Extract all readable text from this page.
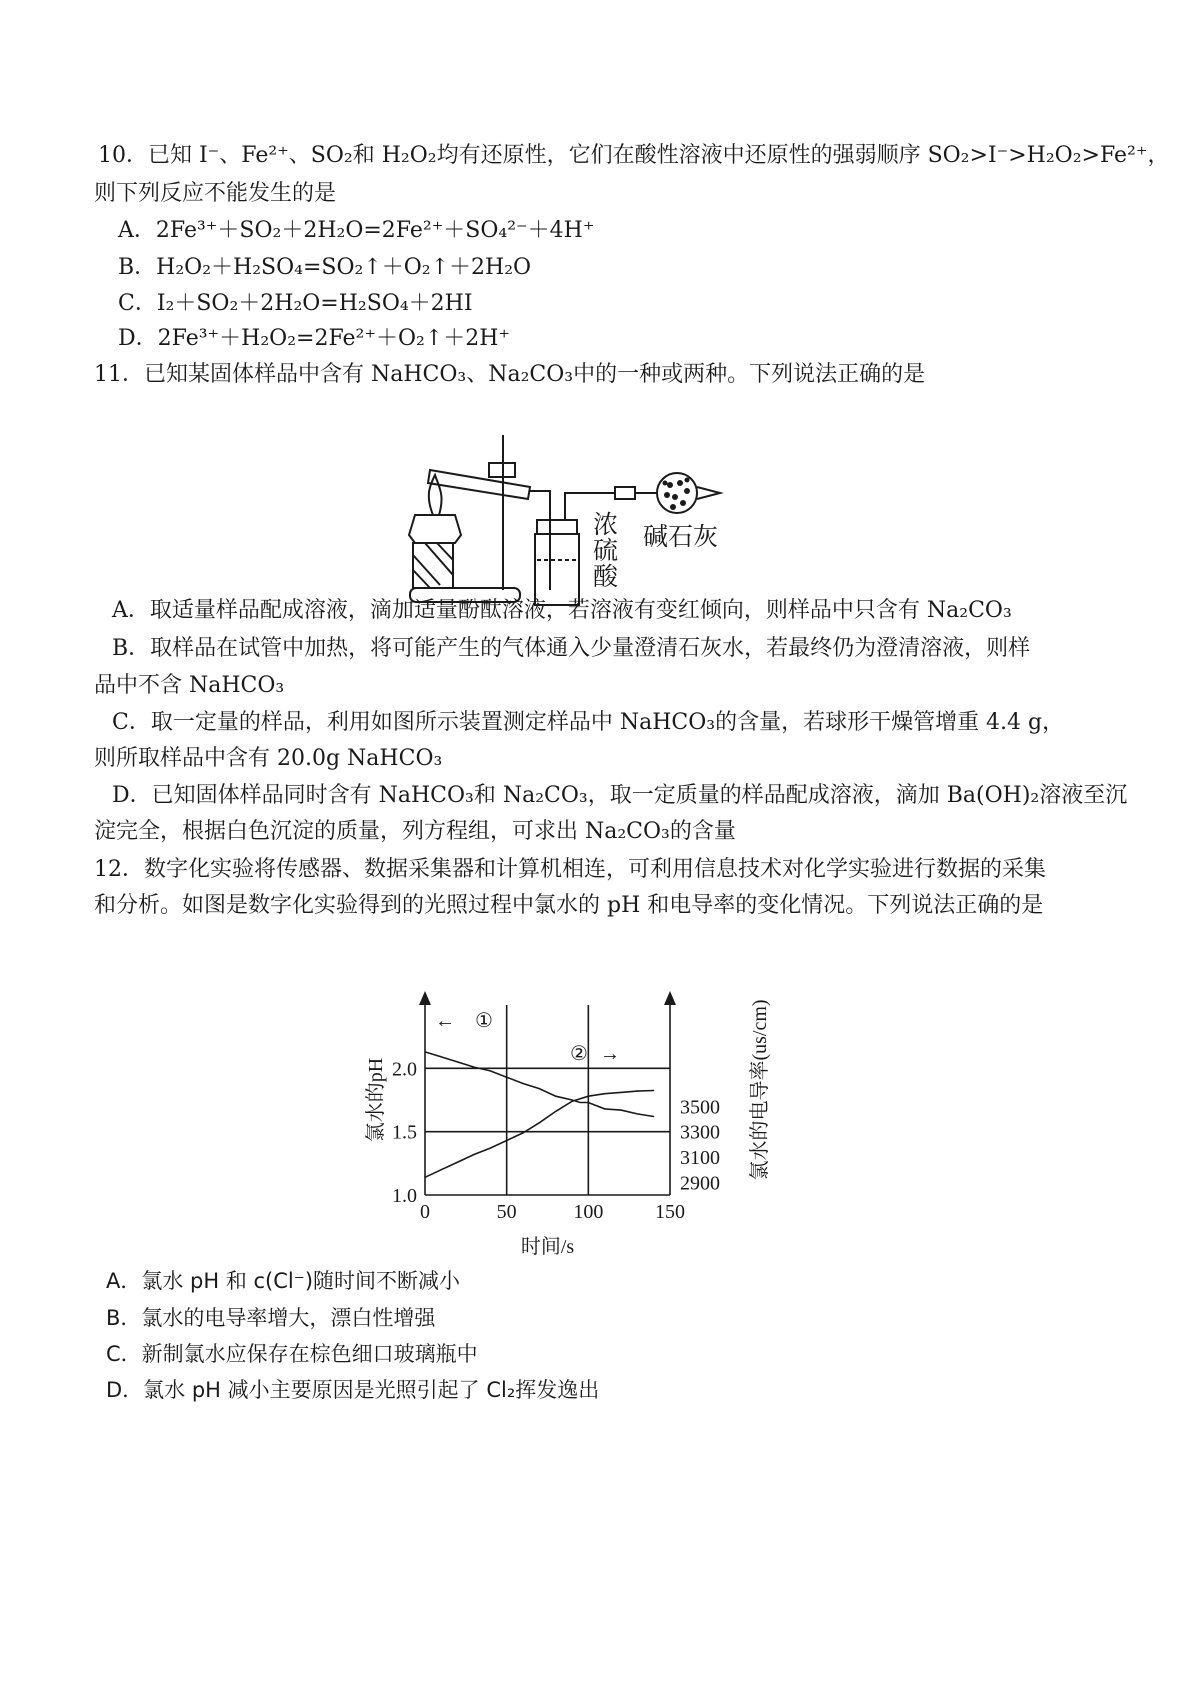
10．已知 I⁻、Fe²⁺、SO₂和 H₂O₂均有还原性，它们在酸性溶液中还原性的强弱顺序 SO₂>I⁻>H₂O₂>Fe²⁺，
则下列反应不能发生的是
A．2Fe³⁺＋SO₂＋2H₂O=2Fe²⁺＋SO₄²⁻＋4H⁺
B．H₂O₂＋H₂SO₄=SO₂↑＋O₂↑＋2H₂O
C．I₂＋SO₂＋2H₂O=H₂SO₄＋2HI
D．2Fe³⁺＋H₂O₂=2Fe²⁺＋O₂↑＋2H⁺
11．已知某固体样品中含有 NaHCO₃、Na₂CO₃中的一种或两种。下列说法正确的是
浓
硫
酸
碱石灰
A．取适量样品配成溶液，滴加适量酚酞溶液，若溶液有变红倾向，则样品中只含有 Na₂CO₃
B．取样品在试管中加热，将可能产生的气体通入少量澄清石灰水，若最终仍为澄清溶液，则样
品中不含 NaHCO₃
C．取一定量的样品，利用如图所示装置测定样品中 NaHCO₃的含量，若球形干燥管增重 4.4 g，
则所取样品中含有 20.0g NaHCO₃
D．已知固体样品同时含有 NaHCO₃和 Na₂CO₃，取一定质量的样品配成溶液，滴加 Ba(OH)₂溶液至沉
淀完全，根据白色沉淀的质量，列方程组，可求出 Na₂CO₃的含量
12．数字化实验将传感器、数据采集器和计算机相连，可利用信息技术对化学实验进行数据的采集
和分析。如图是数字化实验得到的光照过程中氯水的 pH 和电导率的变化情况。下列说法正确的是
0	50	100	150
1.0
1.5
2.0
2900
3100
3300
3500
时间/s
氯水的pH	氯水的电导率(us/cm)
← ①
② →
A．氯水 pH 和 c(Cl⁻)随时间不断减小
B．氯水的电导率增大，漂白性增强
C．新制氯水应保存在棕色细口玻璃瓶中
D．氯水 pH 减小主要原因是光照引起了 Cl₂挥发逸出
